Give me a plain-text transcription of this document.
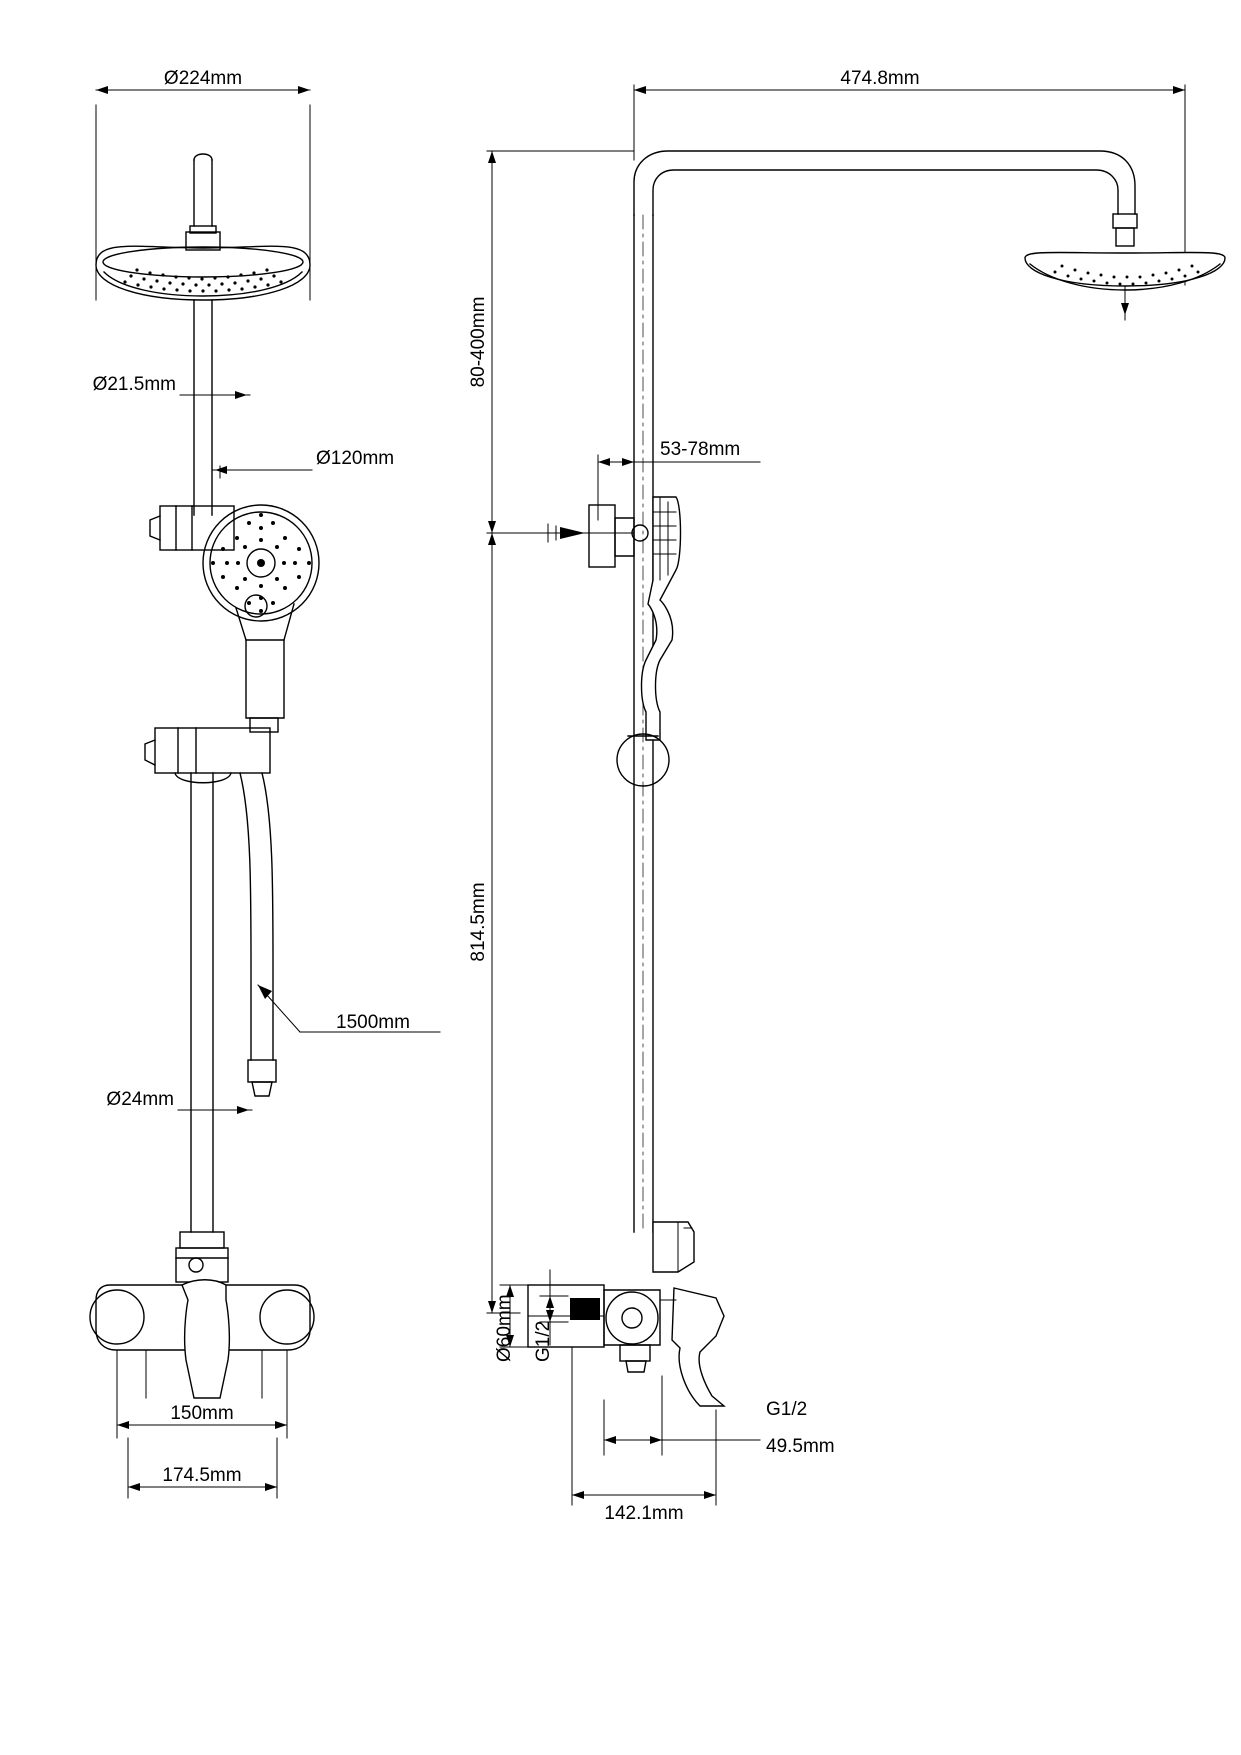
Ø224mm
Ø21.5mm
Ø120mm
1500mm
Ø24mm
150mm
174.5mm
474.8mm
80-400mm
53-78mm
814.5mm
Ø60mm G1/2
G1/2
49.5mm
142.1mm
